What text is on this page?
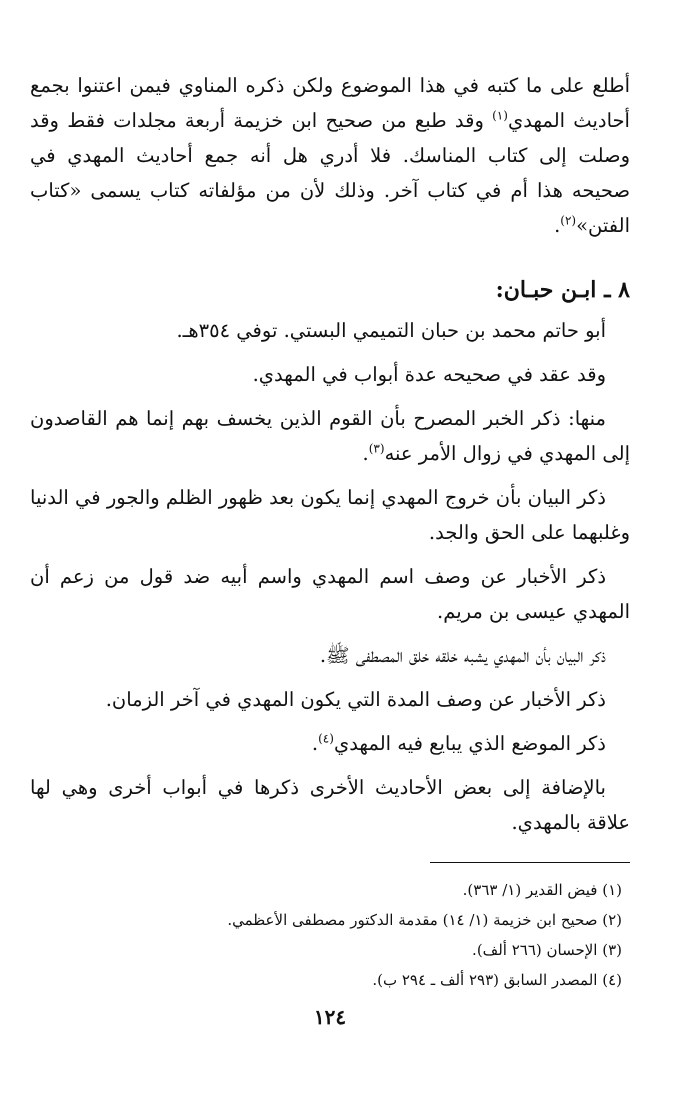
أطلع على ما كتبه في هذا الموضوع ولكن ذكره المناوي فيمن اعتنوا بجمع أحاديث المهدي$^{(١)}$ وقد طبع من صحيح ابن خزيمة أربعة مجلدات فقط وقد وصلت إلى كتاب المناسك. فلا أدري هل أنه جمع أحاديث المهدي في صحيحه هذا أم في كتاب آخر. وذلك لأن من مؤلفاته كتاب يسمى «كتاب الفتن»$^{(٢)}$.

٨ ـ ابـن حبـان:

أبو حاتم محمد بن حبان التميمي البستي. توفي ٣٥٤هـ.

وقد عقد في صحيحه عدة أبواب في المهدي.

منها: ذكر الخبر المصرح بأن القوم الذين يخسف بهم إنما هم القاصدون إلى المهدي في زوال الأمر عنه$^{(٣)}$.

ذكر البيان بأن خروج المهدي إنما يكون بعد ظهور الظلم والجور في الدنيا وغلبهما على الحق والجد.

ذكر الأخبار عن وصف اسم المهدي واسم أبيه ضد قول من زعم أن المهدي عيسى بن مريم.

ذكر البيان بأن المهدي يشبه خلقه خلق المصطفى ﷺ.

ذكر الأخبار عن وصف المدة التي يكون المهدي في آخر الزمان.

ذكر الموضع الذي يبايع فيه المهدي$^{(٤)}$.

بالإضافة إلى بعض الأحاديث الأخرى ذكرها في أبواب أخرى وهي لها علاقة بالمهدي.

(١) فيض القدير (١/ ٣٦٣).

(٢) صحيح ابن خزيمة (١/ ١٤) مقدمة الدكتور مصطفى الأعظمي.

(٣) الإحسان (٢٦٦ ألف).

(٤) المصدر السابق (٢٩٣ ألف ـ ٢٩٤ ب).

١٢٤
